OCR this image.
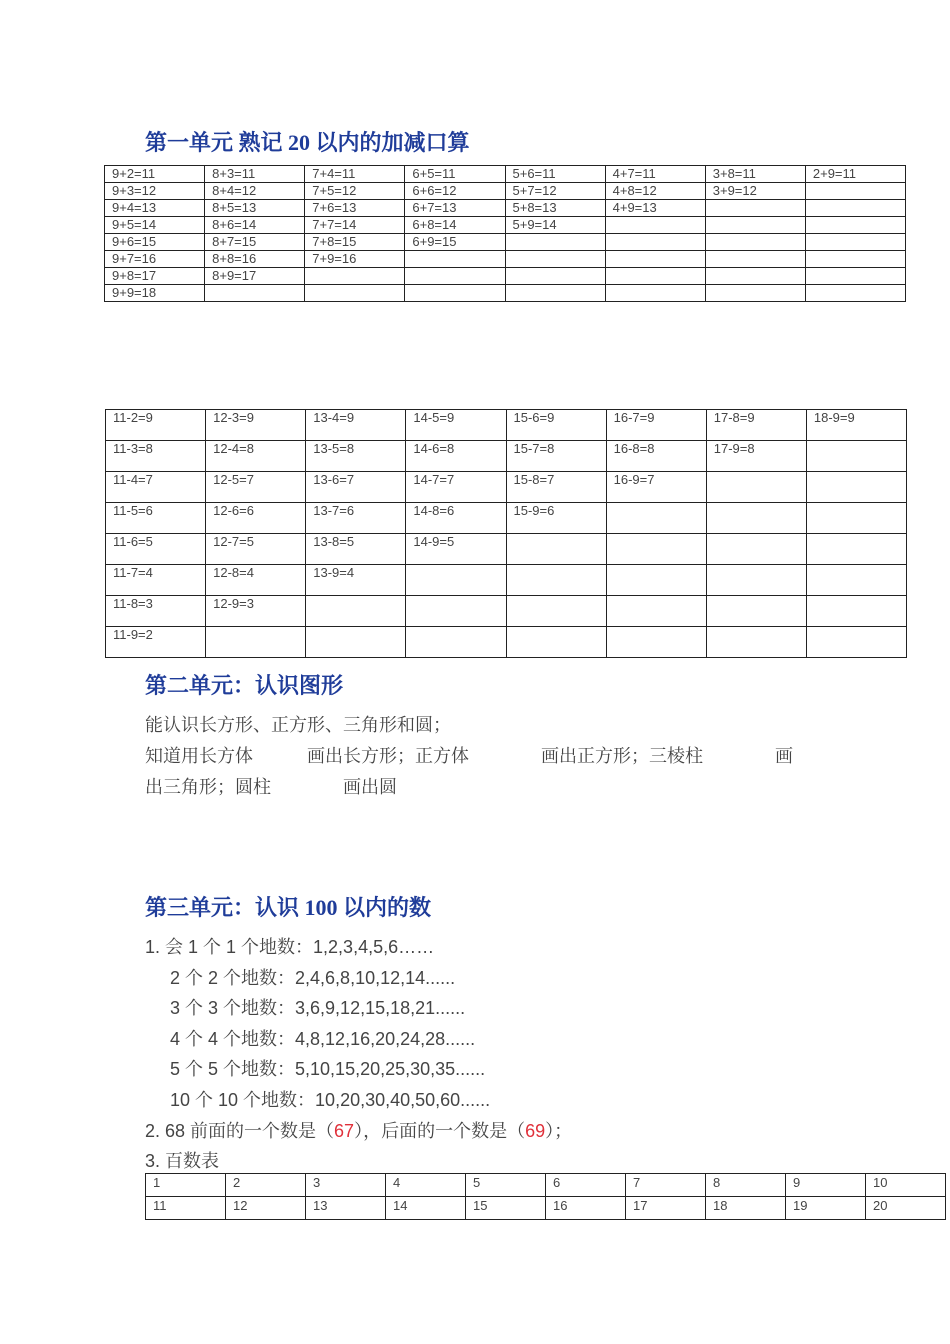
第一单元 熟记 20 以内的加减口算
9+2=11	8+3=11	7+4=11	6+5=11	5+6=11	4+7=11	3+8=11	2+9=11
9+3=12	8+4=12	7+5=12	6+6=12	5+7=12	4+8=12	3+9=12	
9+4=13	8+5=13	7+6=13	6+7=13	5+8=13	4+9=13		
9+5=14	8+6=14	7+7=14	6+8=14	5+9=14			
9+6=15	8+7=15	7+8=15	6+9=15				
9+7=16	8+8=16	7+9=16					
9+8=17	8+9=17						
9+9=18							
11-2=9	12-3=9	13-4=9	14-5=9	15-6=9	16-7=9	17-8=9	18-9=9
11-3=8	12-4=8	13-5=8	14-6=8	15-7=8	16-8=8	17-9=8	
11-4=7	12-5=7	13-6=7	14-7=7	15-8=7	16-9=7		
11-5=6	12-6=6	13-7=6	14-8=6	15-9=6			
11-6=5	12-7=5	13-8=5	14-9=5				
11-7=4	12-8=4	13-9=4					
11-8=3	12-9=3						
11-9=2							
第二单元：认识图形

能认识长方形、正方形、三角形和圆；

知道用长方体　　　画出长方形；正方体　　　　画出正方形；三棱柱　　　　画

出三角形；圆柱　　　　画出圆

第三单元：认识 100 以内的数

1. 会 1 个 1 个地数：1,2,3,4,5,6……

2 个 2 个地数：2,4,6,8,10,12,14......

3 个 3 个地数：3,6,9,12,15,18,21......

4 个 4 个地数：4,8,12,16,20,24,28......

5 个 5 个地数：5,10,15,20,25,30,35......

10 个 10 个地数：10,20,30,40,50,60......

2. 68 前面的一个数是（67），后面的一个数是（69）；

3. 百数表

1	2	3	4	5	6	7	8	9	10
11	12	13	14	15	16	17	18	19	20
